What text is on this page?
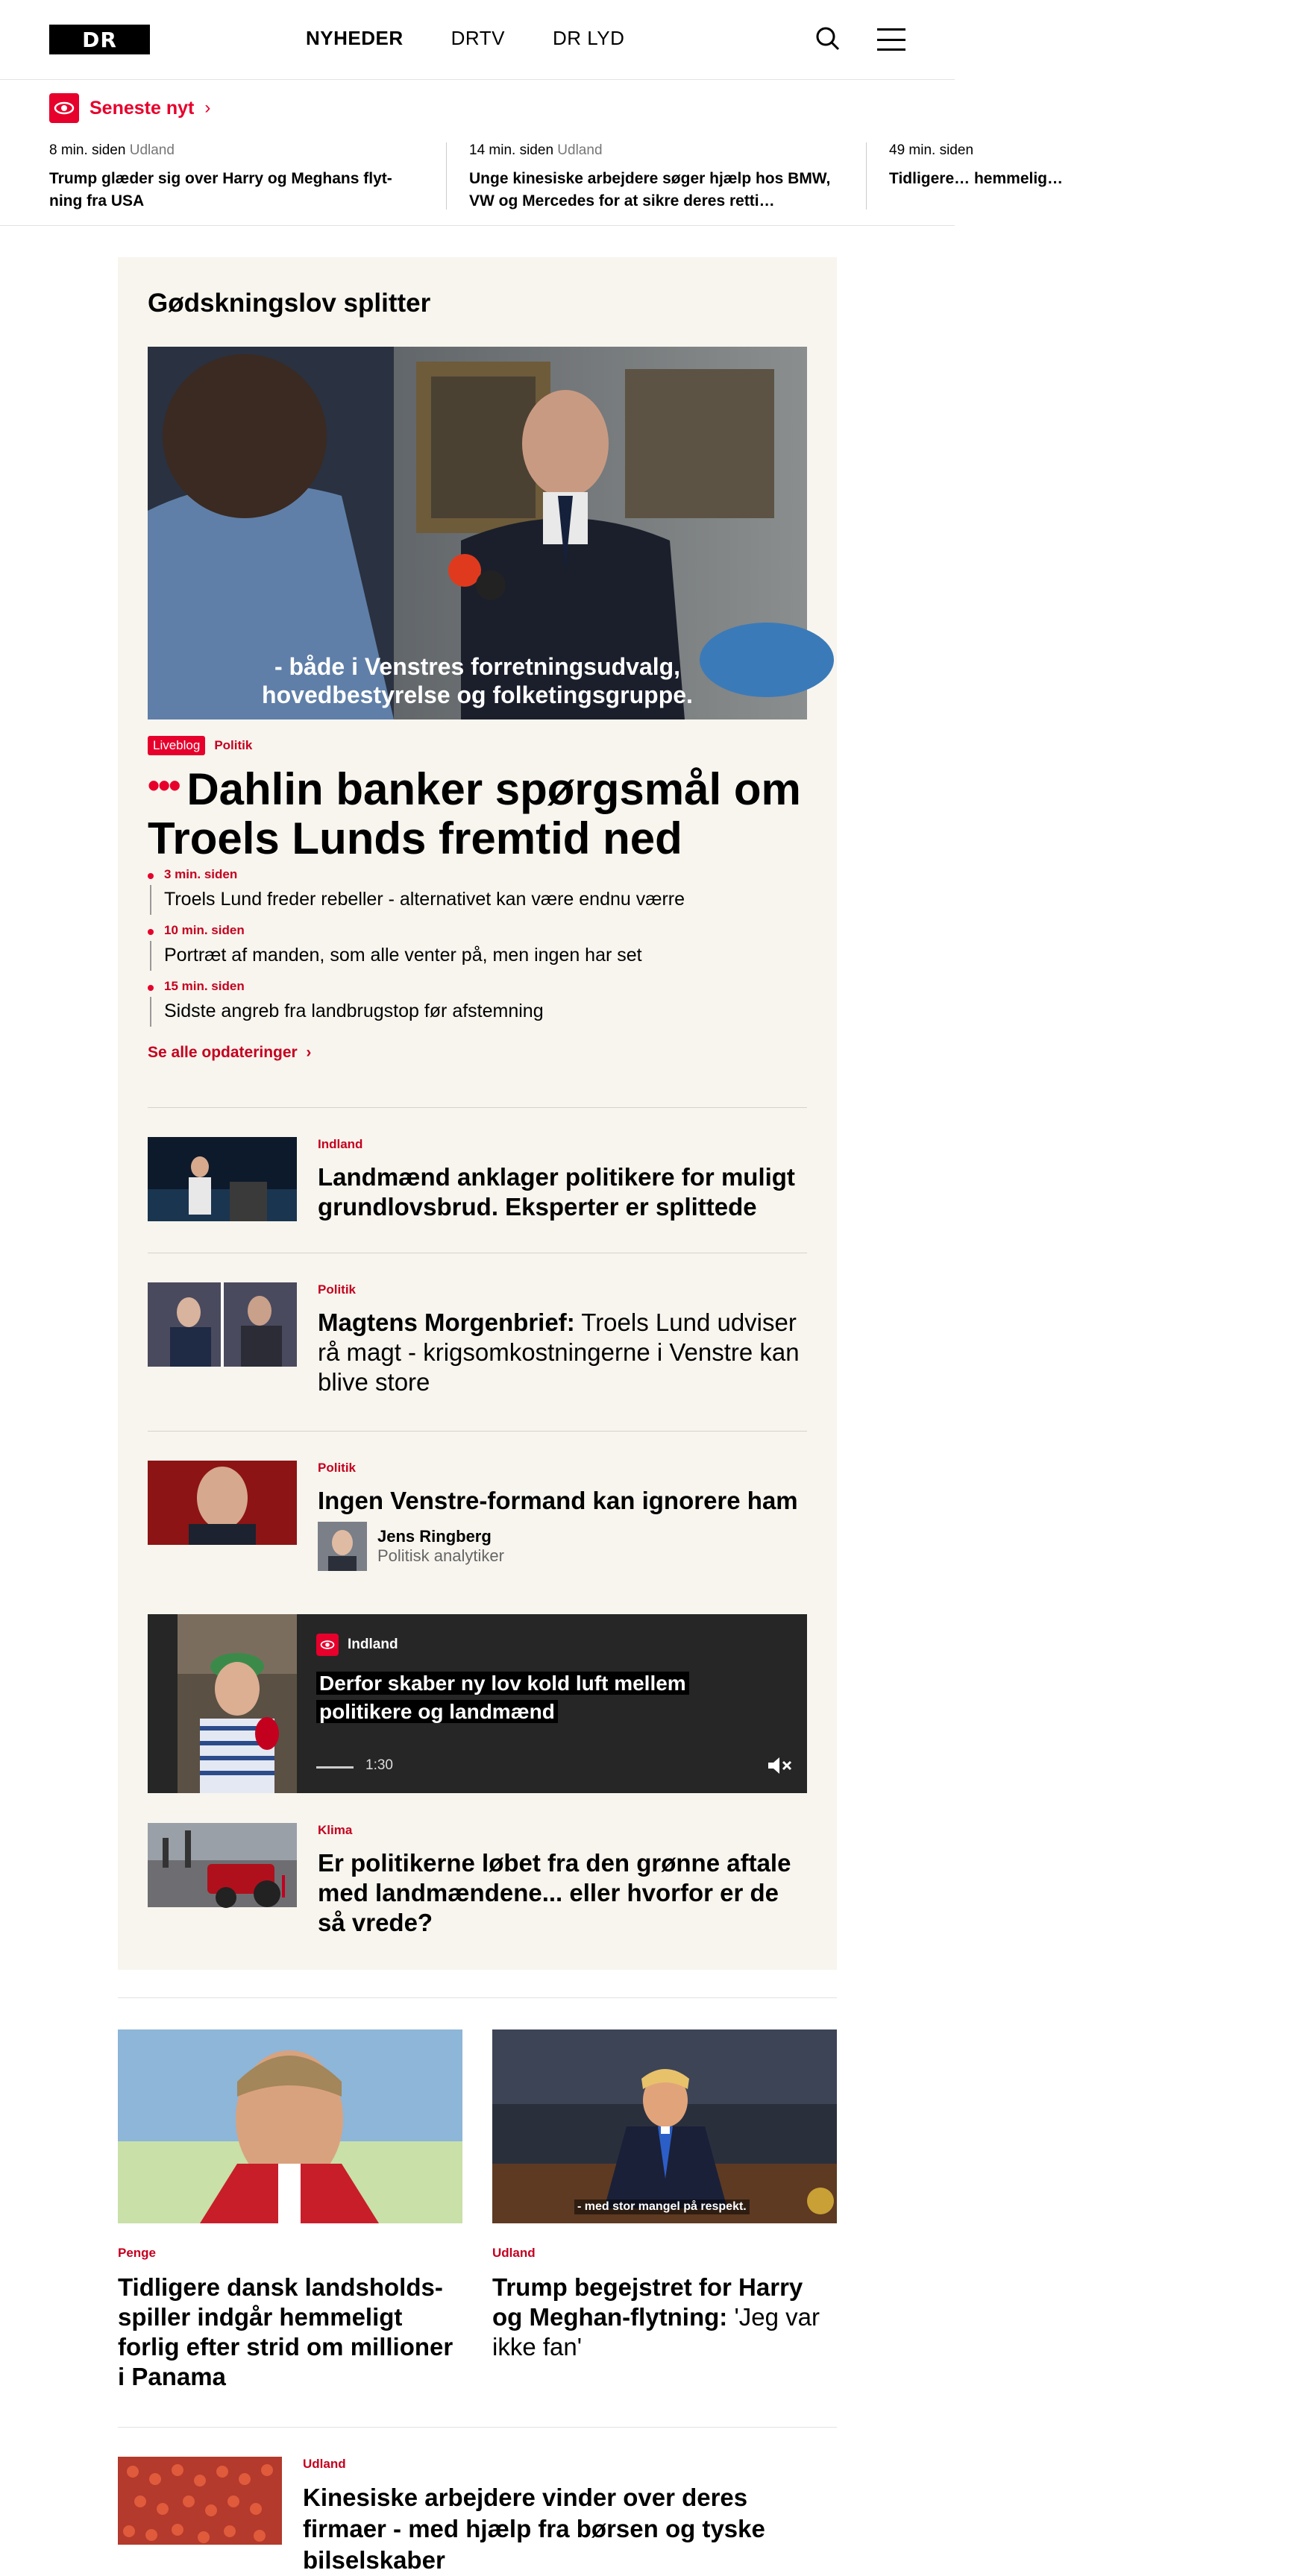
DR	NYHEDER DRTV DR LYD
Seneste nyt ›
8 min. siden Udland
Trump glæder sig over Harry og Meghans flyt-ning fra USA
14 min. siden Udland
Unge kinesiske arbejdere søger hjælp hos BMW, VW og Mercedes for at sikre deres retti…
49 min. siden
Tidligere… hemmelig…
Gødskningslov splitter
- både i Venstres forretningsudvalg,
hovedbestyrelse og folketingsgruppe.
Liveblog	Politik
••• Dahlin banker spørgsmål om Troels Lunds fremtid ned
3 min. siden
Troels Lund freder rebeller - alternativet kan være endnu værre
10 min. siden
Portræt af manden, som alle venter på, men ingen har set
15 min. siden
Sidste angreb fra landbrugstop før afstemning
Se alle opdateringer  ›
Indland
Landmænd anklager politikere for muligt grundlovsbrud. Eksperter er splittede
Politik
Magtens Morgenbrief: Troels Lund udviser rå magt - krigsomkostningerne i Venstre kan blive store
Politik
Ingen Venstre-formand kan ignorere ham
Jens Ringberg
Politisk analytiker
Indland
Derfor skaber ny lov kold luft mellem politikere og landmænd
1:30
Klima
Er politikerne løbet fra den grønne aftale med landmændene... eller hvorfor er de så vrede?
Penge
Tidligere dansk landsholds-spiller indgår hemmeligt forlig efter strid om millioner i Panama
- med stor mangel på respekt.
Udland
Trump begejstret for Harry og Meghan-flytning: 'Jeg var ikke fan'
Udland
Kinesiske arbejdere vinder over deres firmaer - med hjælp fra børsen og tyske bilselskaber
